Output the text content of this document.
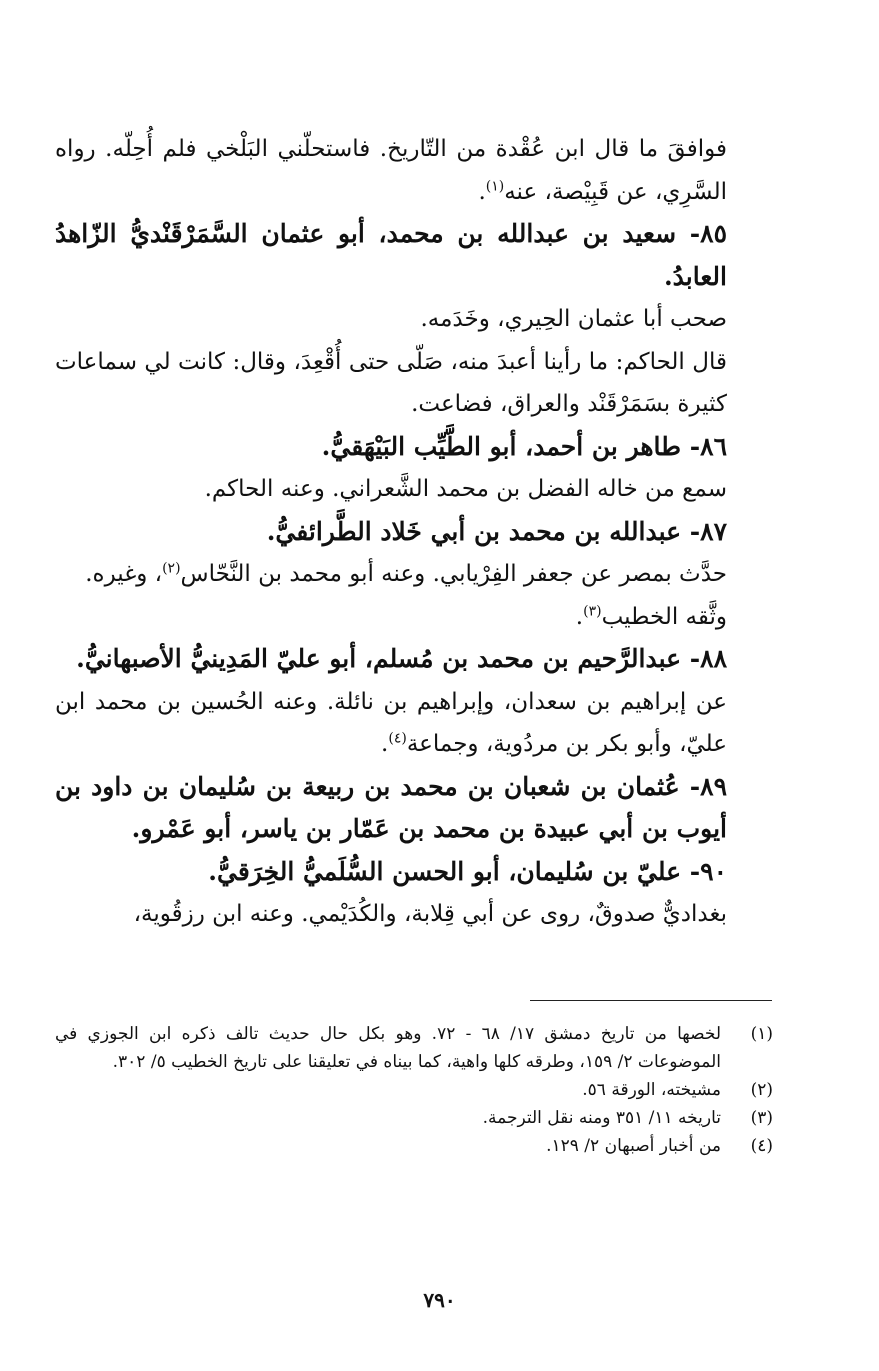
فوافقَ ما قال ابن عُقْدة من التّاريخ. فاستحلّني البَلْخي فلم أُحِلّه. رواه السَّرِي، عن قَبِيْصة، عنه$^{(١)}$.

٨٥- سعيد بن عبدالله بن محمد، أبو عثمان السَّمَرْقَنْديُّ الزّاهدُ العابدُ.

صحب أبا عثمان الحِيري، وخَدَمه.

قال الحاكم: ما رأينا أعبدَ منه، صَلّى حتى أُقْعِدَ، وقال: كانت لي سماعات كثيرة بسَمَرْقَنْد والعراق، فضاعت.

٨٦- طاهر بن أحمد، أبو الطَّيِّب البَيْهَقيُّ.

سمع من خاله الفضل بن محمد الشَّعراني. وعنه الحاكم.

٨٧- عبدالله بن محمد بن أبي خَلاد الطَّرائفيُّ.

حدَّث بمصر عن جعفر الفِرْيابي. وعنه أبو محمد بن النَّحّاس$^{(٢)}$، وغيره.

وثَّقه الخطيب$^{(٣)}$.

٨٨- عبدالرَّحيم بن محمد بن مُسلم، أبو عليّ المَدِينيُّ الأصبهانيُّ.

عن إبراهيم بن سعدان، وإبراهيم بن نائلة. وعنه الحُسين بن محمد ابن عليّ، وأبو بكر بن مردُوية، وجماعة$^{(٤)}$.

٨٩- عُثمان بن شعبان بن محمد بن ربيعة بن سُليمان بن داود بن أيوب بن أبي عبيدة بن محمد بن عَمّار بن ياسر، أبو عَمْرو.

٩٠- عليّ بن سُليمان، أبو الحسن السُّلَميُّ الخِرَقيُّ.

بغداديٌّ صدوقٌ، روى عن أبي قِلابة، والكُدَيْمي. وعنه ابن رزقُوية،

(١)
لخصها من تاريخ دمشق ١٧/ ٦٨ - ٧٢. وهو بكل حال حديث تالف ذكره ابن الجوزي في الموضوعات ٢/ ١٥٩، وطرقه كلها واهية، كما بيناه في تعليقنا على تاريخ الخطيب ٥/ ٣٠٢.
(٢)
مشيخته، الورقة ٥٦.
(٣)
تاريخه ١١/ ٣٥١ ومنه نقل الترجمة.
(٤)
من أخبار أصبهان ٢/ ١٢٩.
٧٩٠
